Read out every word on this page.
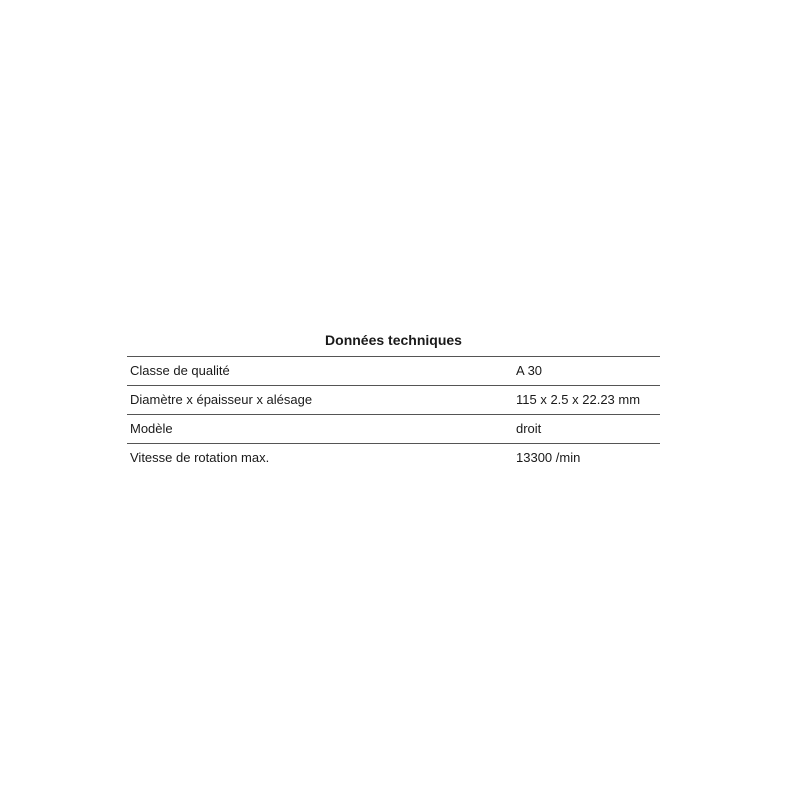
Données techniques
Classe de qualité	A 30
Diamètre x épaisseur x alésage	115 x 2.5 x 22.23 mm
Modèle	droit
Vitesse de rotation max.	13300 /min
